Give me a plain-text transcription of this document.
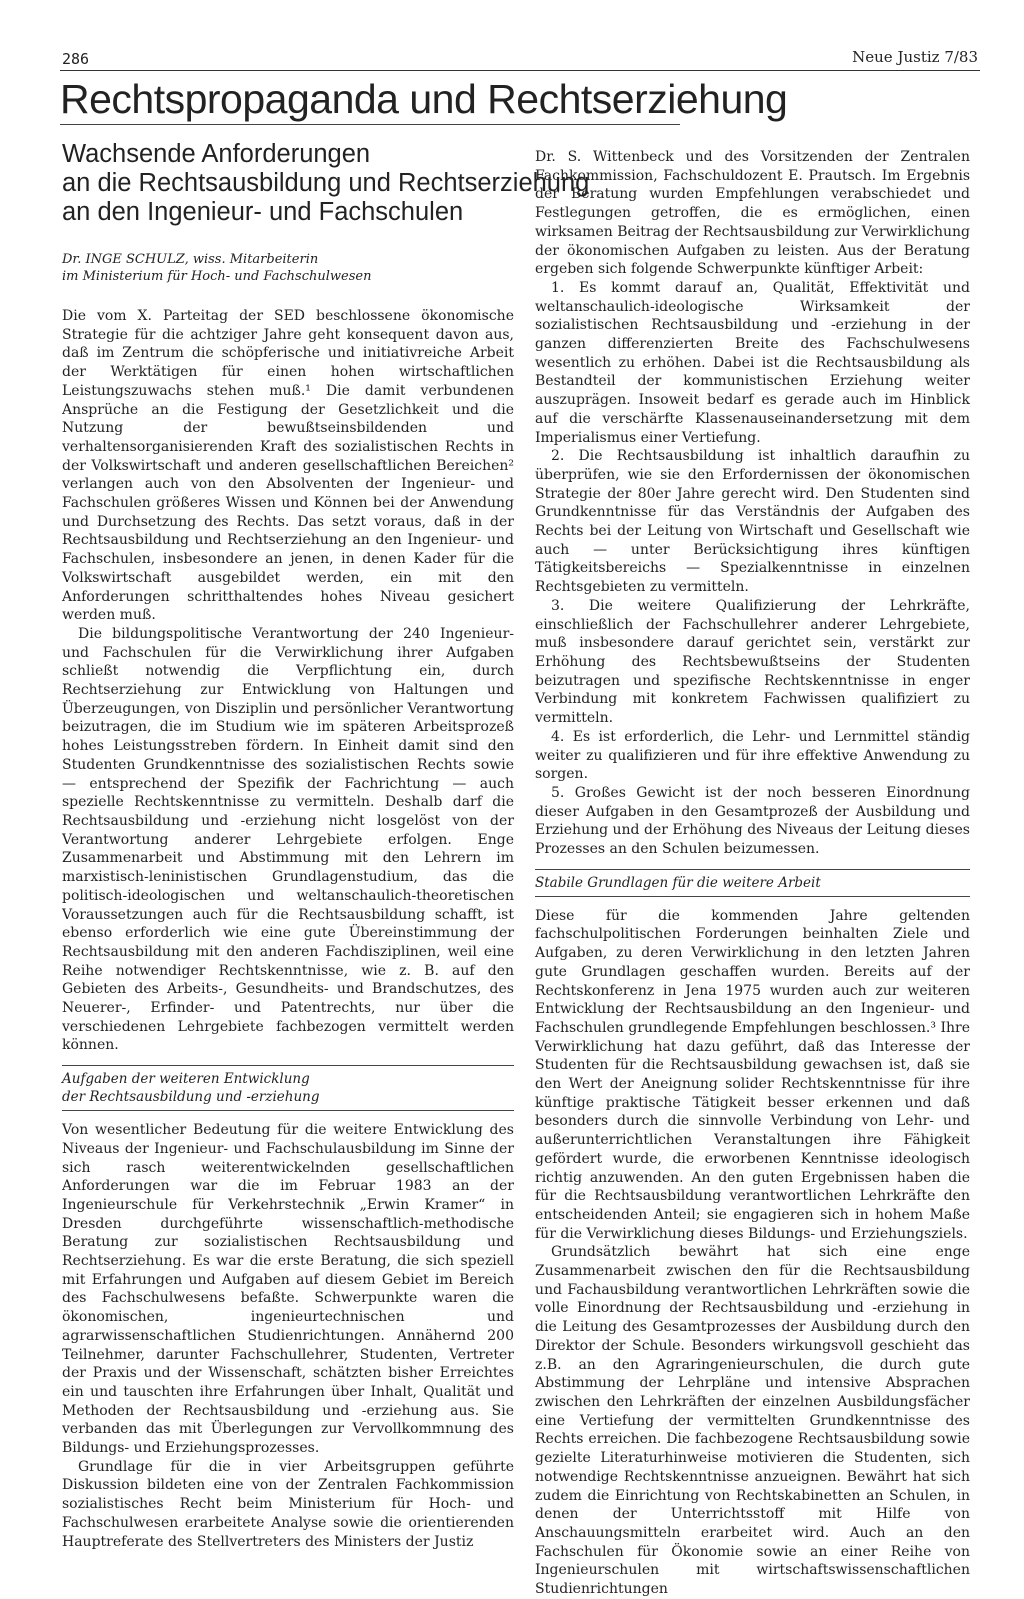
286	Neue Justiz 7/83
Rechtspropaganda und Rechtserziehung
Wachsende Anforderungen
an die Rechtsausbildung und Rechtserziehung
an den Ingenieur- und Fachschulen
Dr. INGE SCHULZ, wiss. Mitarbeiterin
im Ministerium für Hoch- und Fachschulwesen

Die vom X. Parteitag der SED beschlossene ökonomische Strategie für die achtziger Jahre geht konsequent davon aus, daß im Zentrum die schöpferische und initiativreiche Arbeit der Werktätigen für einen hohen wirtschaftlichen Leistungszuwachs stehen muß.¹ Die damit verbundenen Ansprüche an die Festigung der Gesetzlichkeit und die Nutzung der bewußtseinsbildenden und verhaltensorganisierenden Kraft des sozialistischen Rechts in der Volkswirtschaft und anderen gesellschaftlichen Bereichen² verlangen auch von den Absolventen der Ingenieur- und Fachschulen größeres Wissen und Können bei der Anwendung und Durchsetzung des Rechts. Das setzt voraus, daß in der Rechtsausbildung und Rechtserziehung an den Ingenieur- und Fachschulen, insbesondere an jenen, in denen Kader für die Volkswirtschaft ausgebildet werden, ein mit den Anforderungen schritthaltendes hohes Niveau gesichert werden muß.

Die bildungspolitische Verantwortung der 240 Ingenieur- und Fachschulen für die Verwirklichung ihrer Aufgaben schließt notwendig die Verpflichtung ein, durch Rechtserziehung zur Entwicklung von Haltungen und Überzeugungen, von Disziplin und persönlicher Verantwortung beizutragen, die im Studium wie im späteren Arbeitsprozeß hohes Leistungsstreben fördern. In Einheit damit sind den Studenten Grundkenntnisse des sozialistischen Rechts sowie — entsprechend der Spezifik der Fachrichtung — auch spezielle Rechtskenntnisse zu vermitteln. Deshalb darf die Rechtsausbildung und -erziehung nicht losgelöst von der Verantwortung anderer Lehrgebiete erfolgen. Enge Zusammenarbeit und Abstimmung mit den Lehrern im marxistisch-leninistischen Grundlagenstudium, das die politisch-ideologischen und weltanschaulich-theoretischen Voraussetzungen auch für die Rechtsausbildung schafft, ist ebenso erforderlich wie eine gute Übereinstimmung der Rechtsausbildung mit den anderen Fachdisziplinen, weil eine Reihe notwendiger Rechtskenntnisse, wie z. B. auf den Gebieten des Arbeits-, Gesundheits- und Brandschutzes, des Neuerer-, Erfinder- und Patentrechts, nur über die verschiedenen Lehrgebiete fachbezogen vermittelt werden können.

Aufgaben der weiteren Entwicklung
der Rechtsausbildung und -erziehung

Von wesentlicher Bedeutung für die weitere Entwicklung des Niveaus der Ingenieur- und Fachschulausbildung im Sinne der sich rasch weiterentwickelnden gesellschaftlichen Anforderungen war die im Februar 1983 an der Ingenieurschule für Verkehrstechnik „Erwin Kramer“ in Dresden durchgeführte wissenschaftlich-methodische Beratung zur sozialistischen Rechtsausbildung und Rechtserziehung. Es war die erste Beratung, die sich speziell mit Erfahrungen und Aufgaben auf diesem Gebiet im Bereich des Fachschulwesens befaßte. Schwerpunkte waren die ökonomischen, ingenieurtechnischen und agrarwissenschaftlichen Studienrichtungen. Annähernd 200 Teilnehmer, darunter Fachschullehrer, Studenten, Vertreter der Praxis und der Wissenschaft, schätzten bisher Erreichtes ein und tauschten ihre Erfahrungen über Inhalt, Qualität und Methoden der Rechtsausbildung und -erziehung aus. Sie verbanden das mit Überlegungen zur Vervollkommnung des Bildungs- und Erziehungsprozesses.

Grundlage für die in vier Arbeitsgruppen geführte Diskussion bildeten eine von der Zentralen Fachkommission sozialistisches Recht beim Ministerium für Hoch- und Fachschulwesen erarbeitete Analyse sowie die orientierenden Hauptreferate des Stellvertreters des Ministers der Justiz

Dr. S. Wittenbeck und des Vorsitzenden der Zentralen Fachkommission, Fachschuldozent E. Prautsch. Im Ergebnis der Beratung wurden Empfehlungen verabschiedet und Festlegungen getroffen, die es ermöglichen, einen wirksamen Beitrag der Rechtsausbildung zur Verwirklichung der ökonomischen Aufgaben zu leisten. Aus der Beratung ergeben sich folgende Schwerpunkte künftiger Arbeit:

1. Es kommt darauf an, Qualität, Effektivität und weltanschaulich-ideologische Wirksamkeit der sozialistischen Rechtsausbildung und -erziehung in der ganzen differenzierten Breite des Fachschulwesens wesentlich zu erhöhen. Dabei ist die Rechtsausbildung als Bestandteil der kommunistischen Erziehung weiter auszuprägen. Insoweit bedarf es gerade auch im Hinblick auf die verschärfte Klassenauseinandersetzung mit dem Imperialismus einer Vertiefung.

2. Die Rechtsausbildung ist inhaltlich daraufhin zu überprüfen, wie sie den Erfordernissen der ökonomischen Strategie der 80er Jahre gerecht wird. Den Studenten sind Grundkenntnisse für das Verständnis der Aufgaben des Rechts bei der Leitung von Wirtschaft und Gesellschaft wie auch — unter Berücksichtigung ihres künftigen Tätigkeitsbereichs — Spezialkenntnisse in einzelnen Rechtsgebieten zu vermitteln.

3. Die weitere Qualifizierung der Lehrkräfte, einschließlich der Fachschullehrer anderer Lehrgebiete, muß insbesondere darauf gerichtet sein, verstärkt zur Erhöhung des Rechtsbewußtseins der Studenten beizutragen und spezifische Rechtskenntnisse in enger Verbindung mit konkretem Fachwissen qualifiziert zu vermitteln.

4. Es ist erforderlich, die Lehr- und Lernmittel ständig weiter zu qualifizieren und für ihre effektive Anwendung zu sorgen.

5. Großes Gewicht ist der noch besseren Einordnung dieser Aufgaben in den Gesamtprozeß der Ausbildung und Erziehung und der Erhöhung des Niveaus der Leitung dieses Prozesses an den Schulen beizumessen.

Stabile Grundlagen für die weitere Arbeit

Diese für die kommenden Jahre geltenden fachschulpolitischen Forderungen beinhalten Ziele und Aufgaben, zu deren Verwirklichung in den letzten Jahren gute Grundlagen geschaffen wurden. Bereits auf der Rechtskonferenz in Jena 1975 wurden auch zur weiteren Entwicklung der Rechtsausbildung an den Ingenieur- und Fachschulen grundlegende Empfehlungen beschlossen.³ Ihre Verwirklichung hat dazu geführt, daß das Interesse der Studenten für die Rechtsausbildung gewachsen ist, daß sie den Wert der Aneignung solider Rechtskenntnisse für ihre künftige praktische Tätigkeit besser erkennen und daß besonders durch die sinnvolle Verbindung von Lehr- und außerunterrichtlichen Veranstaltungen ihre Fähigkeit gefördert wurde, die erworbenen Kenntnisse ideologisch richtig anzuwenden. An den guten Ergebnissen haben die für die Rechtsausbildung verantwortlichen Lehrkräfte den entscheidenden Anteil; sie engagieren sich in hohem Maße für die Verwirklichung dieses Bildungs- und Erziehungsziels.

Grundsätzlich bewährt hat sich eine enge Zusammenarbeit zwischen den für die Rechtsausbildung und Fachausbildung verantwortlichen Lehrkräften sowie die volle Einordnung der Rechtsausbildung und -erziehung in die Leitung des Gesamtprozesses der Ausbildung durch den Direktor der Schule. Besonders wirkungsvoll geschieht das z.B. an den Agraringenieurschulen, die durch gute Abstimmung der Lehrpläne und intensive Absprachen zwischen den Lehrkräften der einzelnen Ausbildungsfächer eine Vertiefung der vermittelten Grundkenntnisse des Rechts erreichen. Die fachbezogene Rechtsausbildung sowie gezielte Literaturhinweise motivieren die Studenten, sich notwendige Rechtskenntnisse anzueignen. Bewährt hat sich zudem die Einrichtung von Rechtskabinetten an Schulen, in denen der Unterrichtsstoff mit Hilfe von Anschauungsmitteln erarbeitet wird. Auch an den Fachschulen für Ökonomie sowie an einer Reihe von Ingenieurschulen mit wirtschaftswissenschaftlichen Studienrichtungen
